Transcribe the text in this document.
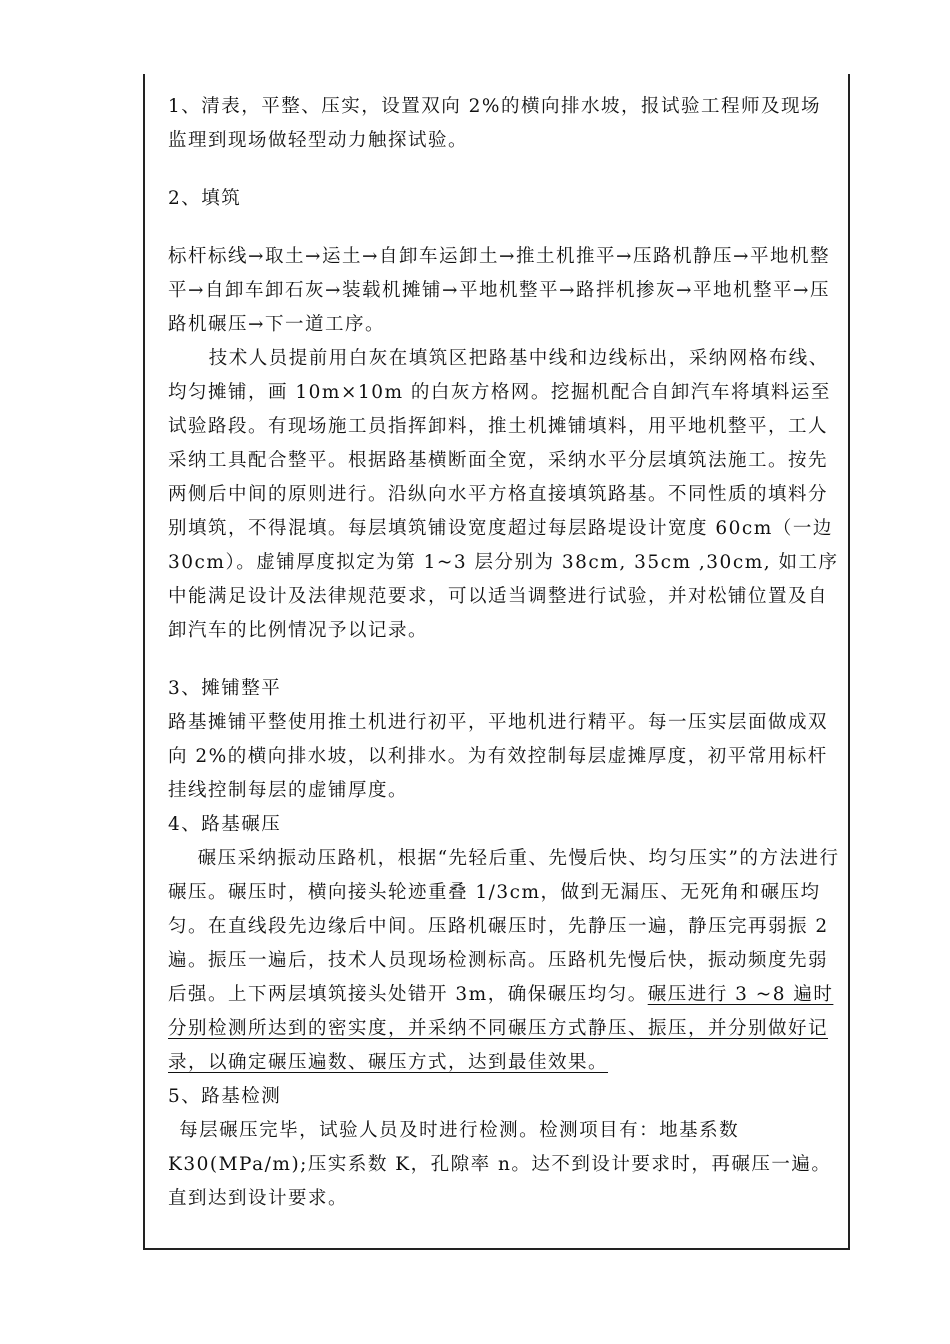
1、清表，平整、压实，设置双向 2%的横向排水坡，报试验工程师及现场监理到现场做轻型动力触探试验。

2、填筑

标杆标线→取土→运土→自卸车运卸土→推土机推平→压路机静压→平地机整平→自卸车卸石灰→装载机摊铺→平地机整平→路拌机掺灰→平地机整平→压路机碾压→下一道工序。

技术人员提前用白灰在填筑区把路基中线和边线标出，采纳网格布线、均匀摊铺，画 10m×10m 的白灰方格网。挖掘机配合自卸汽车将填料运至试验路段。有现场施工员指挥卸料，推土机摊铺填料，用平地机整平，工人采纳工具配合整平。根据路基横断面全宽，采纳水平分层填筑法施工。按先两侧后中间的原则进行。沿纵向水平方格直接填筑路基。不同性质的填料分别填筑，不得混填。每层填筑铺设宽度超过每层路堤设计宽度 60cm（一边 30cm）。虚铺厚度拟定为第 1~3 层分别为 38cm, 35cm ,30cm, 如工序中能满足设计及法律规范要求，可以适当调整进行试验，并对松铺位置及自卸汽车的比例情况予以记录。

3、摊铺整平

路基摊铺平整使用推土机进行初平，平地机进行精平。每一压实层面做成双向 2%的横向排水坡，以利排水。为有效控制每层虚摊厚度，初平常用标杆挂线控制每层的虚铺厚度。

4、路基碾压

碾压采纳振动压路机，根据“先轻后重、先慢后快、均匀压实”的方法进行碾压。碾压时，横向接头轮迹重叠 1/3cm，做到无漏压、无死角和碾压均匀。在直线段先边缘后中间。压路机碾压时，先静压一遍，静压完再弱振 2 遍。振压一遍后，技术人员现场检测标高。压路机先慢后快，振动频度先弱后强。上下两层填筑接头处错开 3m，确保碾压均匀。碾压进行 3 ~8 遍时分别检测所达到的密实度，并采纳不同碾压方式静压、振压，并分别做好记录，以确定碾压遍数、碾压方式，达到最佳效果。

5、路基检测

每层碾压完毕，试验人员及时进行检测。检测项目有：地基系数 K30(MPa/m);压实系数 K，孔隙率 n。达不到设计要求时，再碾压一遍。直到达到设计要求。
